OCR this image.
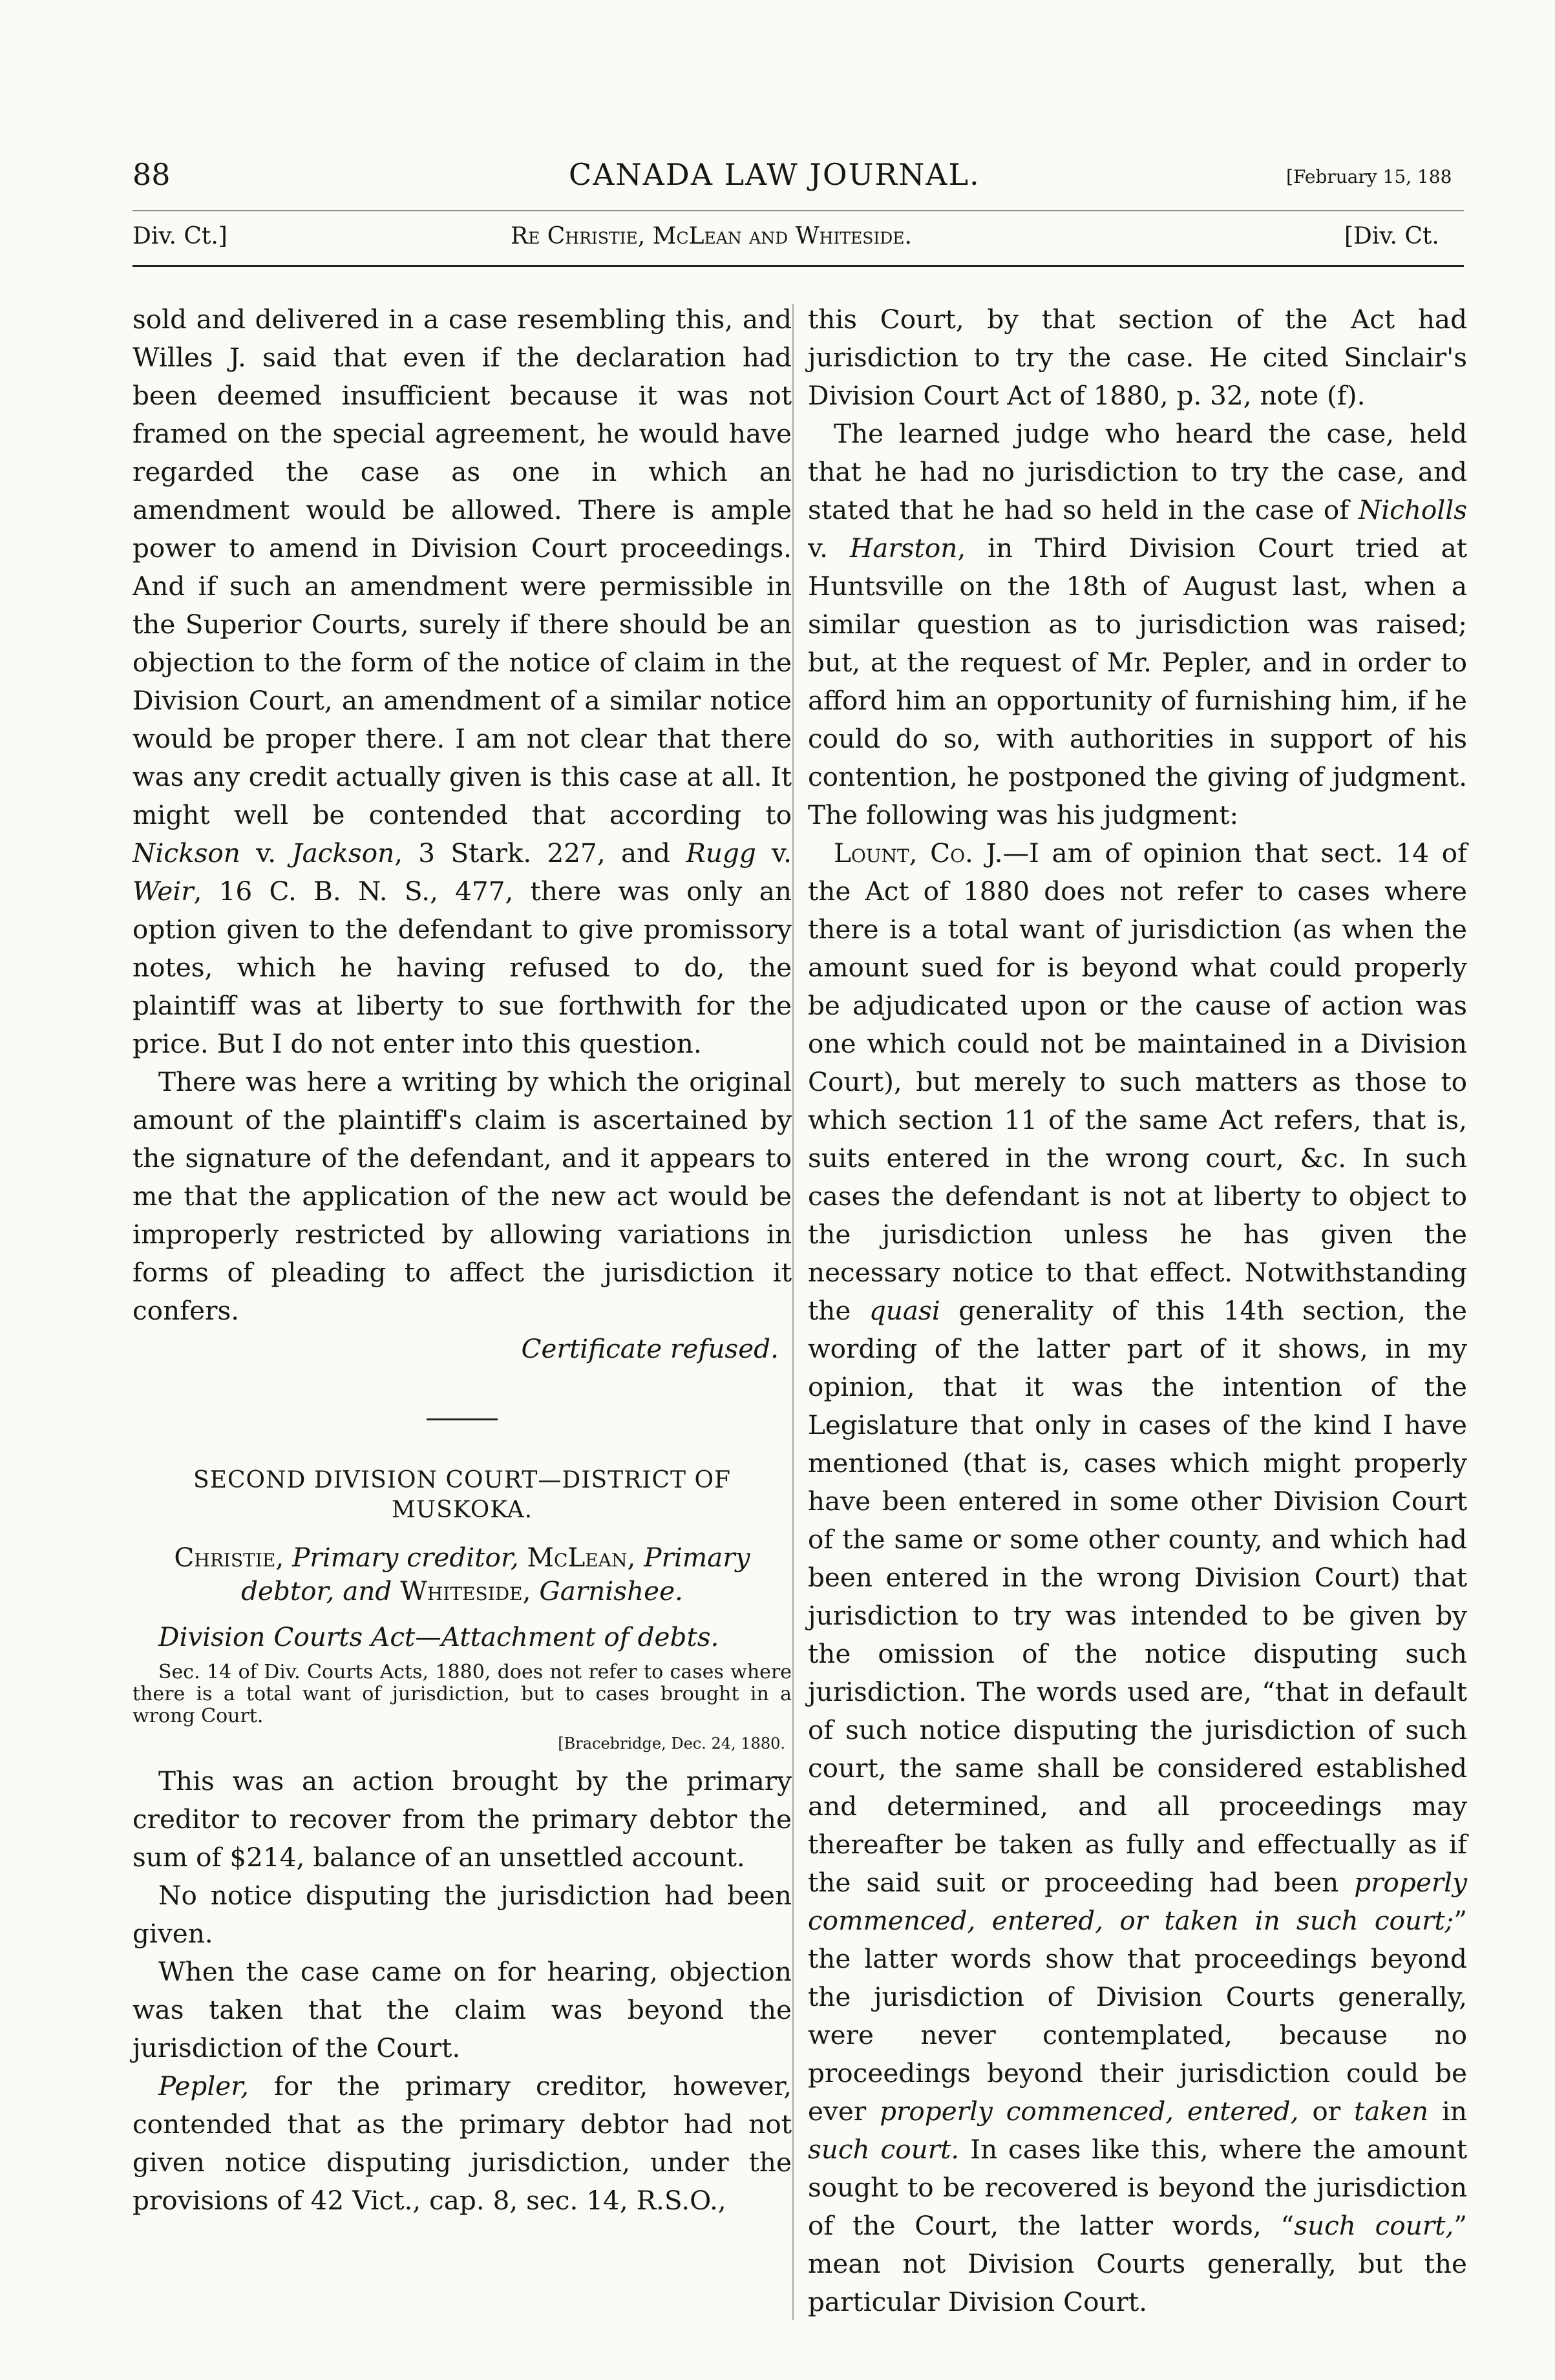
88	CANADA LAW JOURNAL.	[February 15, 188
Div. Ct.]	Re Christie, McLean and Whiteside.	[Div. Ct.

sold and delivered in a case resembling this, and Willes J. said that even if the declaration had been deemed insufficient because it was not framed on the special agreement, he would have regarded the case as one in which an amendment would be allowed. There is ample power to amend in Division Court proceedings. And if such an amendment were permissible in the Superior Courts, surely if there should be an objection to the form of the notice of claim in the Division Court, an amendment of a similar notice would be proper there. I am not clear that there was any credit actually given is this case at all. It might well be contended that according to Nickson v. Jackson, 3 Stark. 227, and Rugg v. Weir, 16 C. B. N. S., 477, there was only an option given to the defendant to give promissory notes, which he having refused to do, the plaintiff was at liberty to sue forthwith for the price. But I do not enter into this question.

There was here a writing by which the original amount of the plaintiff's claim is ascertained by the signature of the defendant, and it appears to me that the application of the new act would be improperly restricted by allowing variations in forms of pleading to affect the jurisdiction it confers.

Certificate refused.

SECOND DIVISION COURT—DISTRICT OF MUSKOKA.

Christie, Primary creditor, McLean, Primary debtor, and Whiteside, Garnishee.

Division Courts Act—Attachment of debts.

Sec. 14 of Div. Courts Acts, 1880, does not refer to cases where there is a total want of jurisdiction, but to cases brought in a wrong Court.

[Bracebridge, Dec. 24, 1880.

This was an action brought by the primary creditor to recover from the primary debtor the sum of $214, balance of an unsettled account.

No notice disputing the jurisdiction had been given.

When the case came on for hearing, objection was taken that the claim was beyond the jurisdiction of the Court.

Pepler, for the primary creditor, however, contended that as the primary debtor had not given notice disputing jurisdiction, under the provisions of 42 Vict., cap. 8, sec. 14, R.S.O.,

this Court, by that section of the Act had jurisdiction to try the case. He cited Sinclair's Division Court Act of 1880, p. 32, note (f).

The learned judge who heard the case, held that he had no jurisdiction to try the case, and stated that he had so held in the case of Nicholls v. Harston, in Third Division Court tried at Huntsville on the 18th of August last, when a similar question as to jurisdiction was raised; but, at the request of Mr. Pepler, and in order to afford him an opportunity of furnishing him, if he could do so, with authorities in support of his contention, he postponed the giving of judgment. The following was his judgment:

Lount, Co. J.—I am of opinion that sect. 14 of the Act of 1880 does not refer to cases where there is a total want of jurisdiction (as when the amount sued for is beyond what could properly be adjudicated upon or the cause of action was one which could not be maintained in a Division Court), but merely to such matters as those to which section 11 of the same Act refers, that is, suits entered in the wrong court, &c. In such cases the defendant is not at liberty to object to the jurisdiction unless he has given the necessary notice to that effect. Notwithstanding the quasi generality of this 14th section, the wording of the latter part of it shows, in my opinion, that it was the intention of the Legislature that only in cases of the kind I have mentioned (that is, cases which might properly have been entered in some other Division Court of the same or some other county, and which had been entered in the wrong Division Court) that jurisdiction to try was intended to be given by the omission of the notice disputing such jurisdiction. The words used are, “that in default of such notice disputing the jurisdiction of such court, the same shall be considered established and determined, and all proceedings may thereafter be taken as fully and effectually as if the said suit or proceeding had been properly commenced, entered, or taken in such court;” the latter words show that proceedings beyond the jurisdiction of Division Courts generally, were never contemplated, because no proceedings beyond their jurisdiction could be ever properly commenced, entered, or taken in such court. In cases like this, where the amount sought to be recovered is beyond the jurisdiction of the Court, the latter words, “such court,” mean not Division Courts generally, but the particular Division Court.
